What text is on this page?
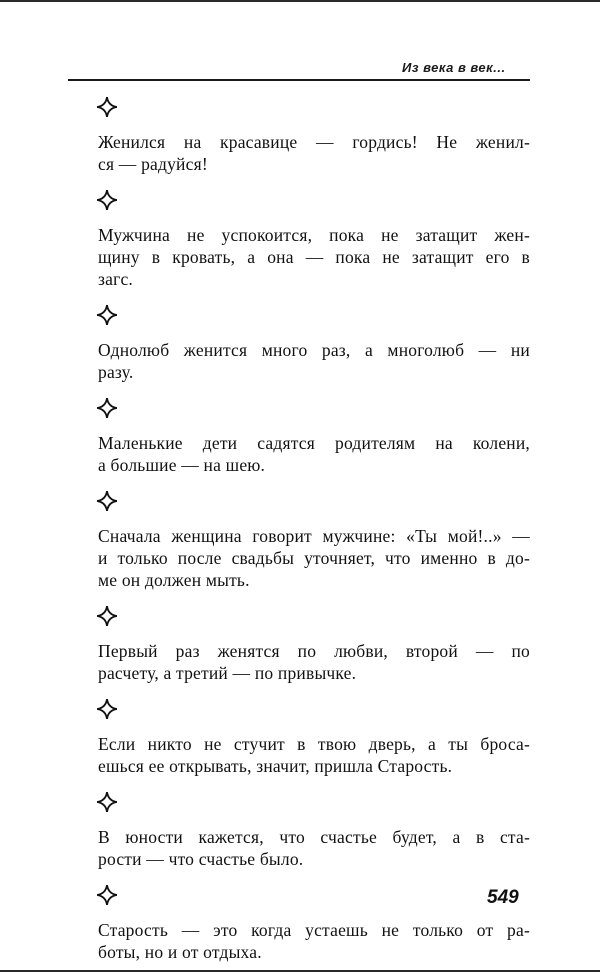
Из века в век...
Женился на красавице — гордись! Не женил-
ся — радуйся!
Мужчина не успокоится, пока не затащит жен-
щину в кровать, а она — пока не затащит его в
загс.
Однолюб женится много раз, а многолюб — ни
разу.
Маленькие дети садятся родителям на колени,
а большие — на шею.
Сначала женщина говорит мужчине: «Ты мой!..» —
и только после свадьбы уточняет, что именно в до-
ме он должен мыть.
Первый раз женятся по любви, второй — по
расчету, а третий — по привычке.
Если никто не стучит в твою дверь, а ты броса-
ешься ее открывать, значит, пришла Старость.
В юности кажется, что счастье будет, а в ста-
рости — что счастье было.
Старость — это когда устаешь не только от ра-
боты, но и от отдыха.
549
